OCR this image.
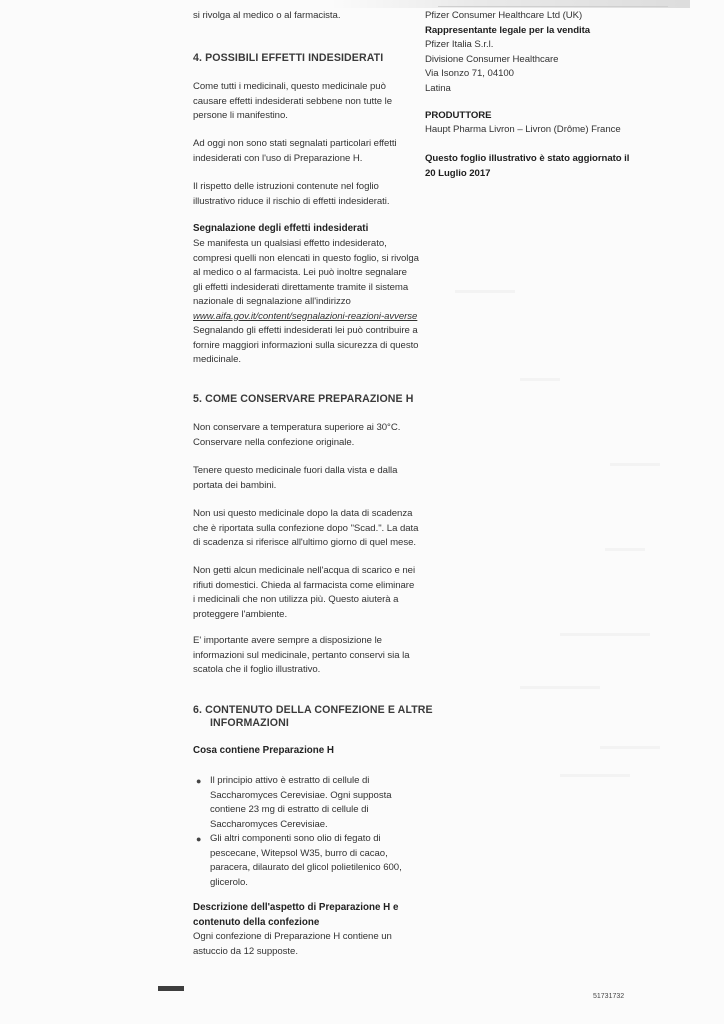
si rivolga al medico o al farmacista.
4. POSSIBILI EFFETTI INDESIDERATI
Come tutti i medicinali, questo medicinale può
causare effetti indesiderati sebbene non tutte le
persone li manifestino.
Ad oggi non sono stati segnalati particolari effetti
indesiderati con l'uso di Preparazione H.
Il rispetto delle istruzioni contenute nel foglio
illustrativo riduce il rischio di effetti indesiderati.
Segnalazione degli effetti indesiderati
Se manifesta un qualsiasi effetto indesiderato,
compresi quelli non elencati in questo foglio, si rivolga
al medico o al farmacista. Lei può inoltre segnalare
gli effetti indesiderati direttamente tramite il sistema
nazionale di segnalazione all'indirizzo
www.aifa.gov.it/content/segnalazioni-reazioni-avverse
Segnalando gli effetti indesiderati lei può contribuire a
fornire maggiori informazioni sulla sicurezza di questo
medicinale.
5. COME CONSERVARE PREPARAZIONE H
Non conservare a temperatura superiore ai 30°C.
Conservare nella confezione originale.
Tenere questo medicinale fuori dalla vista e dalla
portata dei bambini.
Non usi questo medicinale dopo la data di scadenza
che è riportata sulla confezione dopo "Scad.". La data
di scadenza si riferisce all'ultimo giorno di quel mese.
Non getti alcun medicinale nell'acqua di scarico e nei
rifiuti domestici. Chieda al farmacista come eliminare
i medicinali che non utilizza più. Questo aiuterà a
proteggere l'ambiente.
E' importante avere sempre a disposizione le
informazioni sul medicinale, pertanto conservi sia la
scatola che il foglio illustrativo.
6. CONTENUTO DELLA CONFEZIONE E ALTRE
INFORMAZIONI
Cosa contiene Preparazione H
● Il principio attivo è estratto di cellule di
Saccharomyces Cerevisiae. Ogni supposta
contiene 23 mg di estratto di cellule di
Saccharomyces Cerevisiae.
● Gli altri componenti sono olio di fegato di
pescecane, Witepsol W35, burro di cacao,
paracera, dilaurato del glicol polietilenico 600,
glicerolo.
Descrizione dell'aspetto di Preparazione H e
contenuto della confezione
Ogni confezione di Preparazione H contiene un
astuccio da 12 supposte.
Pfizer Consumer Healthcare Ltd (UK)
Rappresentante legale per la vendita
Pfizer Italia S.r.l.
Divisione Consumer Healthcare
Via Isonzo 71, 04100
Latina
PRODUTTORE
Haupt Pharma Livron – Livron (Drôme) France
Questo foglio illustrativo è stato aggiornato il
20 Luglio 2017
51731732
